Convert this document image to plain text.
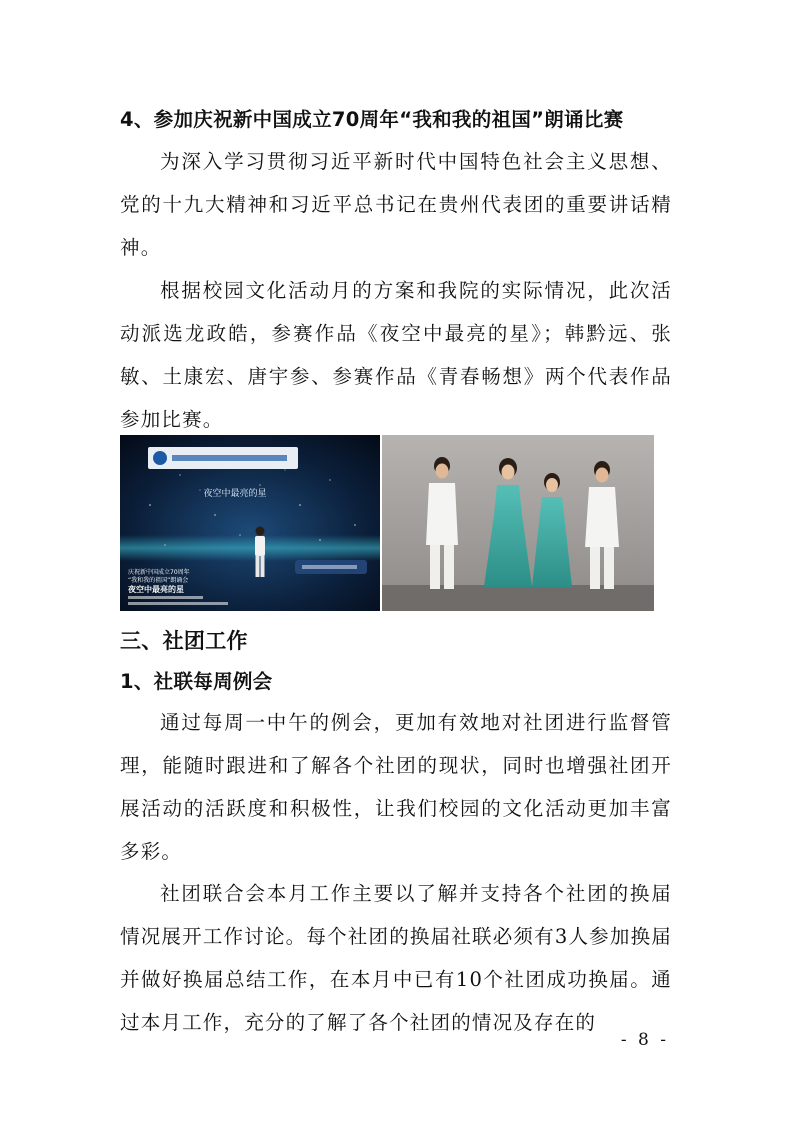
4、参加庆祝新中国成立70周年“我和我的祖国”朗诵比赛

为深入学习贯彻习近平新时代中国特色社会主义思想、党的十九大精神和习近平总书记在贵州代表团的重要讲话精神。

根据校园文化活动月的方案和我院的实际情况，此次活动派选龙政皓，参赛作品《夜空中最亮的星》；韩黔远、张敏、土康宏、唐宇参、参赛作品《青春畅想》两个代表作品参加比赛。

夜空中最亮的星
庆祝新中国成立70周年
“我和我的祖国”朗诵会
夜空中最亮的星
三、社团工作
1、社联每周例会

通过每周一中午的例会，更加有效地对社团进行监督管理，能随时跟进和了解各个社团的现状，同时也增强社团开展活动的活跃度和积极性，让我们校园的文化活动更加丰富多彩。

社团联合会本月工作主要以了解并支持各个社团的换届情况展开工作讨论。每个社团的换届社联必须有3人参加换届并做好换届总结工作，在本月中已有10个社团成功换届。通过本月工作，充分的了解了各个社团的情况及存在的

- 8 -
